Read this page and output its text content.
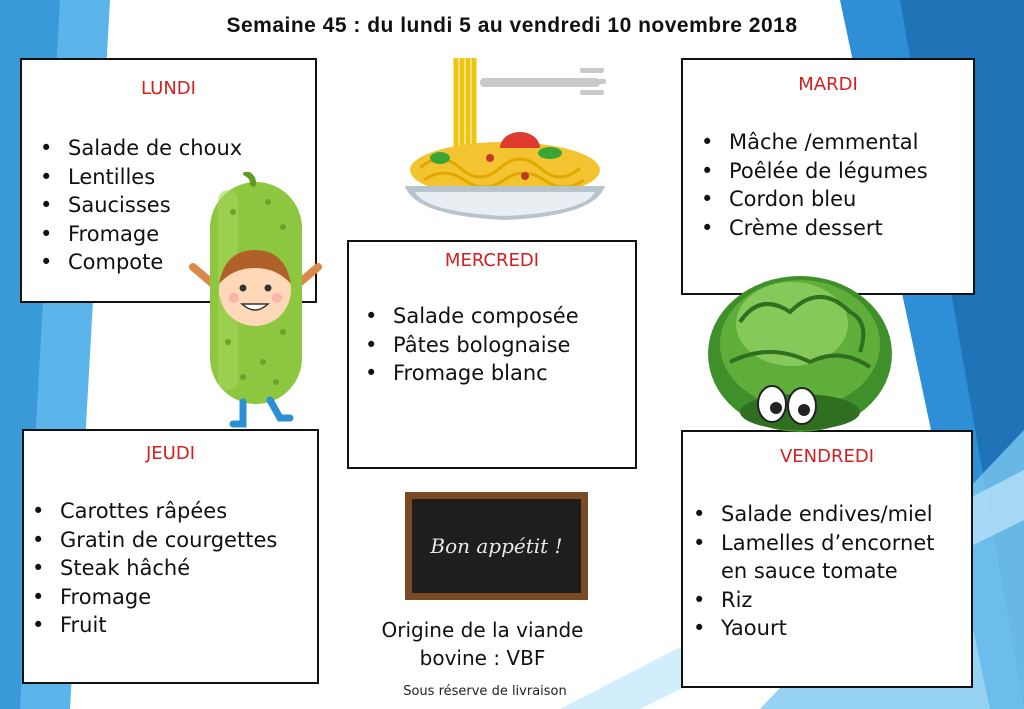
Semaine 45 : du lundi 5 au vendredi 10 novembre 2018
LUNDI
• Salade de choux
• Lentilles
• Saucisses
• Fromage
• Compote
MARDI
• Mâche /emmental
• Poêlée de légumes
• Cordon bleu
• Crème dessert
MERCREDI
• Salade composée
• Pâtes bolognaise
• Fromage blanc
JEUDI
• Carottes râpées
• Gratin de courgettes
• Steak hâché
• Fromage
• Fruit
VENDREDI
• Salade endives/miel
• Lamelles d’encornet
en sauce tomate
• Riz
• Yaourt
Bon appétit !
Origine de la viande
bovine : VBF
Sous réserve de livraison
